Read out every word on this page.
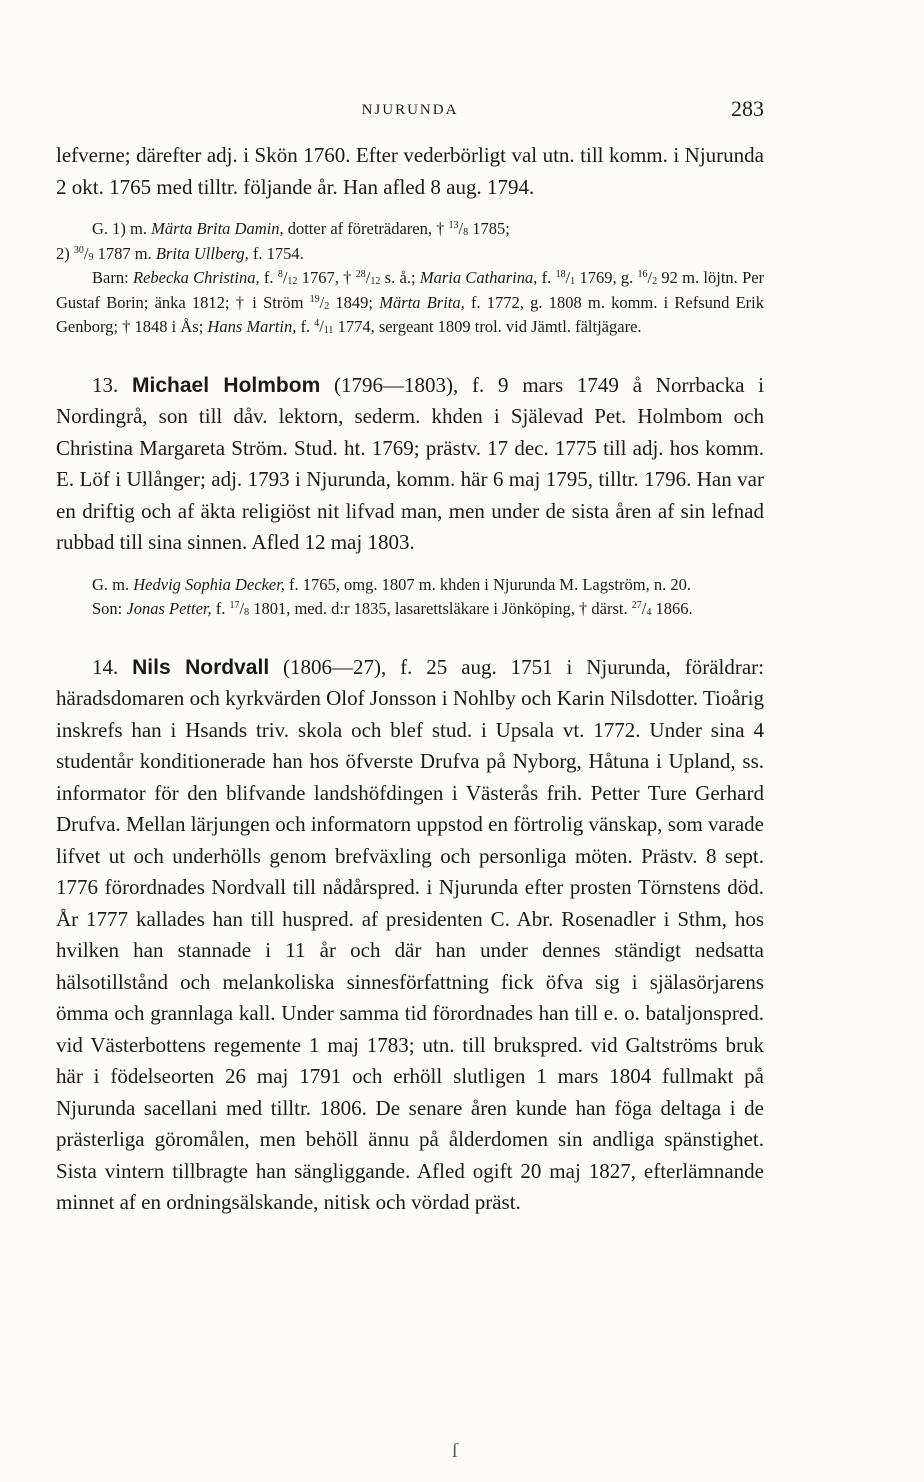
NJURUNDA	283

lefverne; därefter adj. i Skön 1760. Efter vederbörligt val utn. till komm. i Njurunda 2 okt. 1765 med tilltr. följande år. Han afled 8 aug. 1794.

G. 1) m. Märta Brita Damin, dotter af företrädaren, † $^{13}/_8$ 1785;
2) $^{30}/_9$ 1787 m. Brita Ullberg, f. 1754.

Barn: Rebecka Christina, f. $^8/_{12}$ 1767, † $^{28}/_{12}$ s. å.; Maria Catharina, f. $^{18}/_1$ 1769, g. $^{16}/_2$ 92 m. löjtn. Per Gustaf Borin; änka 1812; † i Ström $^{19}/_2$ 1849; Märta Brita, f. 1772, g. 1808 m. komm. i Refsund Erik Genborg; † 1848 i Ås; Hans Martin, f. $^4/_{11}$ 1774, sergeant 1809 trol. vid Jämtl. fältjägare.

13. Michael Holmbom (1796—1803), f. 9 mars 1749 å Norrbacka i Nordingrå, son till dåv. lektorn, sederm. khden i Själevad Pet. Holmbom och Christina Margareta Ström. Stud. ht. 1769; prästv. 17 dec. 1775 till adj. hos komm. E. Löf i Ullånger; adj. 1793 i Njurunda, komm. här 6 maj 1795, tilltr. 1796. Han var en driftig och af äkta religiöst nit lifvad man, men under de sista åren af sin lefnad rubbad till sina sinnen. Afled 12 maj 1803.

G. m. Hedvig Sophia Decker, f. 1765, omg. 1807 m. khden i Njurunda M. Lagström, n. 20.

Son: Jonas Petter, f. $^{17}/_8$ 1801, med. d:r 1835, lasarettsläkare i Jönköping, † därst. $^{27}/_4$ 1866.

14. Nils Nordvall (1806—27), f. 25 aug. 1751 i Njurunda, föräldrar: häradsdomaren och kyrkvärden Olof Jonsson i Nohlby och Karin Nilsdotter. Tioårig inskrefs han i Hsands triv. skola och blef stud. i Upsala vt. 1772. Under sina 4 studentår konditionerade han hos öfverste Drufva på Nyborg, Håtuna i Upland, ss. informator för den blifvande landshöfdingen i Västerås frih. Petter Ture Gerhard Drufva. Mellan lärjungen och informatorn uppstod en förtrolig vänskap, som varade lifvet ut och underhölls genom brefväxling och personliga möten. Prästv. 8 sept. 1776 förordnades Nordvall till nådårspred. i Njurunda efter prosten Törnstens död. År 1777 kallades han till huspred. af presidenten C. Abr. Rosenadler i Sthm, hos hvilken han stannade i 11 år och där han under dennes ständigt nedsatta hälsotillstånd och melankoliska sinnesförfattning fick öfva sig i själasörjarens ömma och grannlaga kall. Under samma tid förordnades han till e. o. bataljonspred. vid Västerbottens regemente 1 maj 1783; utn. till brukspred. vid Galtströms bruk här i födelseorten 26 maj 1791 och erhöll slutligen 1 mars 1804 fullmakt på Njurunda sacellani med tilltr. 1806. De senare åren kunde han föga deltaga i de prästerliga göromålen, men behöll ännu på ålderdomen sin andliga spänstighet. Sista vintern tillbragte han sängliggande. Afled ogift 20 maj 1827, efterlämnande minnet af en ordningsälskande, nitisk och vördad präst.

ſ
